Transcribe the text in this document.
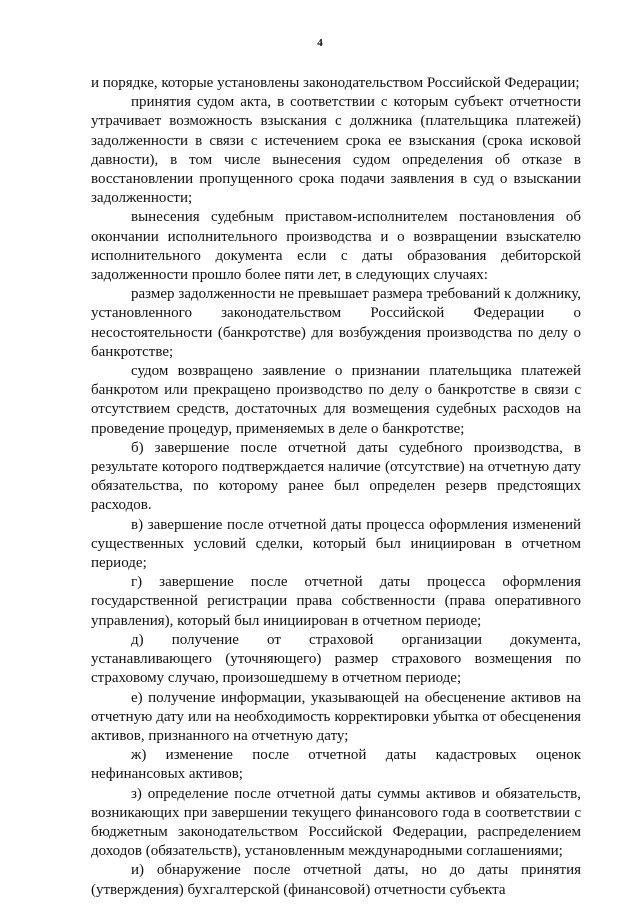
4

и порядке, которые установлены законодательством Российской Федерации;

принятия судом акта, в соответствии с которым субъект отчетности утрачивает возможность взыскания с должника (плательщика платежей) задолженности в связи с истечением срока ее взыскания (срока исковой давности), в том числе вынесения судом определения об отказе в восстановлении пропущенного срока подачи заявления в суд о взыскании задолженности;

вынесения судебным приставом-исполнителем постановления об окончании исполнительного производства и о возвращении взыскателю исполнительного документа если с даты образования дебиторской задолженности прошло более пяти лет, в следующих случаях:

размер задолженности не превышает размера требований к должнику, установленного законодательством Российской Федерации о несостоятельности (банкротстве) для возбуждения производства по делу о банкротстве;

судом возвращено заявление о признании плательщика платежей банкротом или прекращено производство по делу о банкротстве в связи с отсутствием средств, достаточных для возмещения судебных расходов на проведение процедур, применяемых в деле о банкротстве;

б) завершение после отчетной даты судебного производства, в результате которого подтверждается наличие (отсутствие) на отчетную дату обязательства, по которому ранее был определен резерв предстоящих расходов.

в) завершение после отчетной даты процесса оформления изменений существенных условий сделки, который был инициирован в отчетном периоде;

г) завершение после отчетной даты процесса оформления государственной регистрации права собственности (права оперативного управления), который был инициирован в отчетном периоде;

д) получение от страховой организации документа, устанавливающего (уточняющего) размер страхового возмещения по страховому случаю, произошедшему в отчетном периоде;

е) получение информации, указывающей на обесценение активов на отчетную дату или на необходимость корректировки убытка от обесценения активов, признанного на отчетную дату;

ж) изменение после отчетной даты кадастровых оценок нефинансовых активов;

з) определение после отчетной даты суммы активов и обязательств, возникающих при завершении текущего финансового года в соответствии с бюджетным законодательством Российской Федерации, распределением доходов (обязательств), установленным международными соглашениями;

и) обнаружение после отчетной даты, но до даты принятия (утверждения) бухгалтерской (финансовой) отчетности субъекта
